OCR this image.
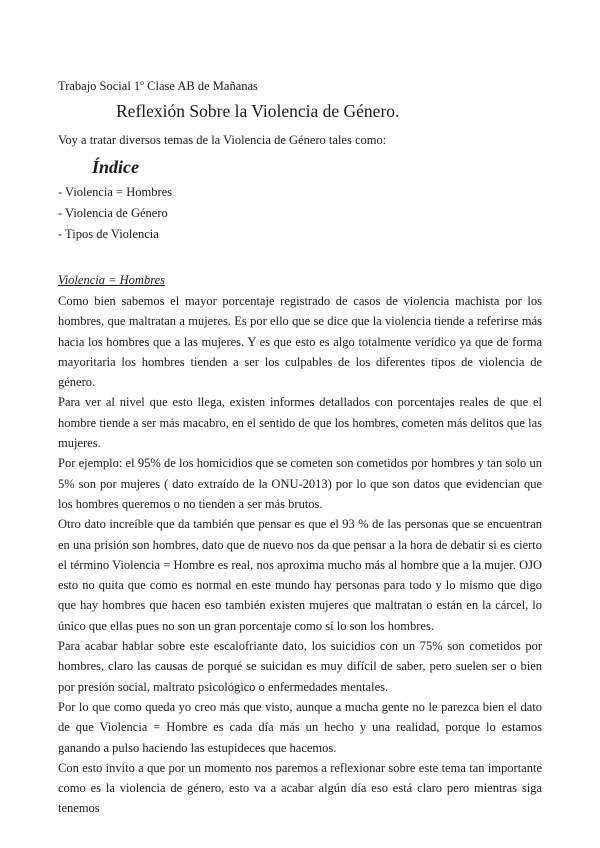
Trabajo Social 1º Clase AB de Mañanas

Reflexión Sobre la Violencia de Género.

Voy a tratar diversos temas de la Violencia de Género tales como:

Índice
- Violencia = Hombres
- Violencia de Género
- Tipos de Violencia
Violencia = Hombres

Como bien sabemos el mayor porcentaje registrado de casos de violencia machista por los hombres, que maltratan a mujeres. Es por ello que se dice que la violencia tiende a referirse más hacia los hombres que a las mujeres. Y es que esto es algo totalmente verídico ya que de forma mayoritaria los hombres tienden a ser los culpables de los diferentes tipos de violencia de género.

Para ver al nivel que esto llega, existen informes detallados con porcentajes reales de que el hombre tiende a ser más macabro, en el sentido de que los hombres, cometen más delitos que las mujeres.

Por ejemplo: el 95% de los homicidios que se cometen son cometidos por hombres y tan solo un 5% son por mujeres ( dato extraído de la ONU-2013) por lo que son datos que evidencian que los hombres queremos o no tienden a ser más brutos.

Otro dato increíble que da también que pensar es que el 93 % de las personas que se encuentran en una prisión son hombres, dato que de nuevo nos da que pensar a la hora de debatir si es cierto el término Violencia = Hombre es real, nos aproxima mucho más al hombre que a la mujer. OJO esto no quita que como es normal en este mundo hay personas para todo y lo mismo que digo que hay hombres que hacen eso también existen mujeres que maltratan o están en la cárcel, lo único que ellas pues no son un gran porcentaje como sí lo son los hombres.

Para acabar hablar sobre este escalofriante dato, los suicidios con un 75% son cometidos por hombres, claro las causas de porqué se suicidan es muy difícil de saber, pero suelen ser o bien por presión social, maltrato psicológico o enfermedades mentales.

Por lo que como queda yo creo más que visto, aunque a mucha gente no le parezca bien el dato de que Violencia = Hombre es cada día más un hecho y una realidad, porque lo estamos ganando a pulso haciendo las estupideces que hacemos.

Con esto invito a que por un momento nos paremos a reflexionar sobre este tema tan importante como es la violencia de género, esto va a acabar algún día eso está claro pero mientras siga tenemos
